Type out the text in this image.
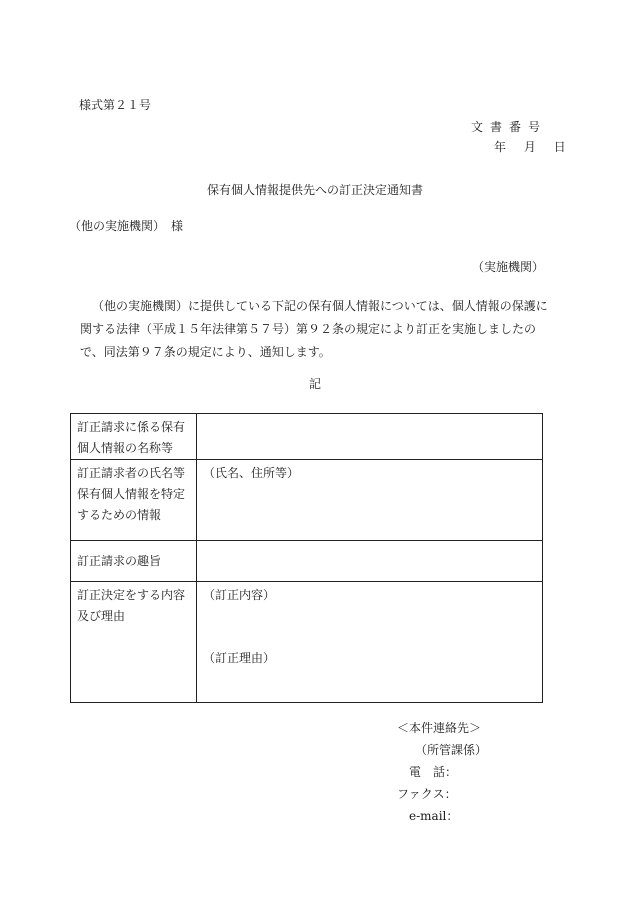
様式第２１号
文書番号
年 月 日
保有個人情報提供先への訂正決定通知書
（他の実施機関）　様
（実施機関）
（他の実施機関）に提供している下記の保有個人情報については、個人情報の保護に関する法律（平成１５年法律第５７号）第９２条の規定により訂正を実施しましたので、同法第９７条の規定により、通知します。
記
訂正請求に係る保有個人情報の名称等	
訂正請求者の氏名等保有個人情報を特定するための情報	（氏名、住所等）
訂正請求の趣旨	
訂正決定をする内容及び理由	（訂正内容）
（訂正理由）
＜本件連絡先＞
（所管課係）
電　話：
ファクス：
e-mail：
